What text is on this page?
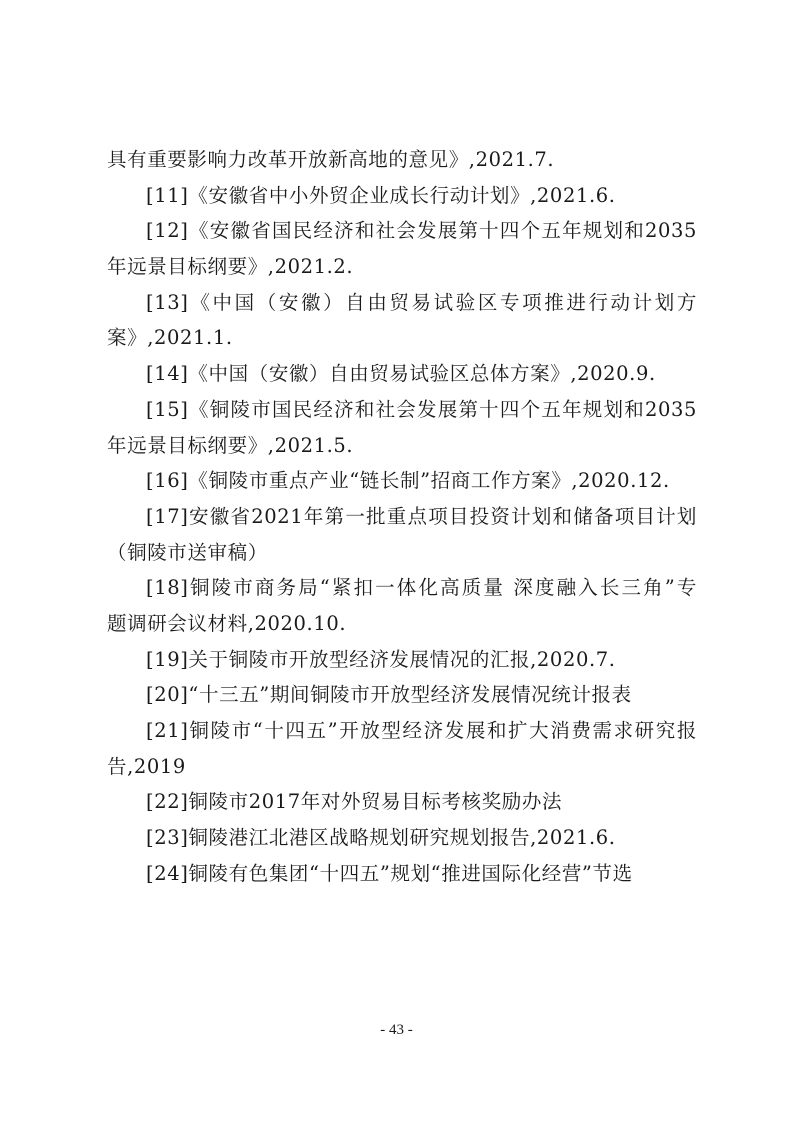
具有重要影响力改革开放新高地的意见》,2021.7.
[11]《安徽省中小外贸企业成长行动计划》,2021.6.
[12]《安徽省国民经济和社会发展第十四个五年规划和2035
年远景目标纲要》,2021.2.
[13]《中国（安徽）自由贸易试验区专项推进行动计划方
案》,2021.1.
[14]《中国（安徽）自由贸易试验区总体方案》,2020.9.
[15]《铜陵市国民经济和社会发展第十四个五年规划和2035
年远景目标纲要》,2021.5.
[16]《铜陵市重点产业“链长制”招商工作方案》,2020.12.
[17]安徽省2021年第一批重点项目投资计划和储备项目计划
（铜陵市送审稿）
[18]铜陵市商务局“紧扣一体化高质量 深度融入长三角”专
题调研会议材料,2020.10.
[19]关于铜陵市开放型经济发展情况的汇报,2020.7.
[20]“十三五”期间铜陵市开放型经济发展情况统计报表
[21]铜陵市“十四五”开放型经济发展和扩大消费需求研究报
告,2019
[22]铜陵市2017年对外贸易目标考核奖励办法
[23]铜陵港江北港区战略规划研究规划报告,2021.6.
[24]铜陵有色集团“十四五”规划“推进国际化经营”节选
- 43 -
